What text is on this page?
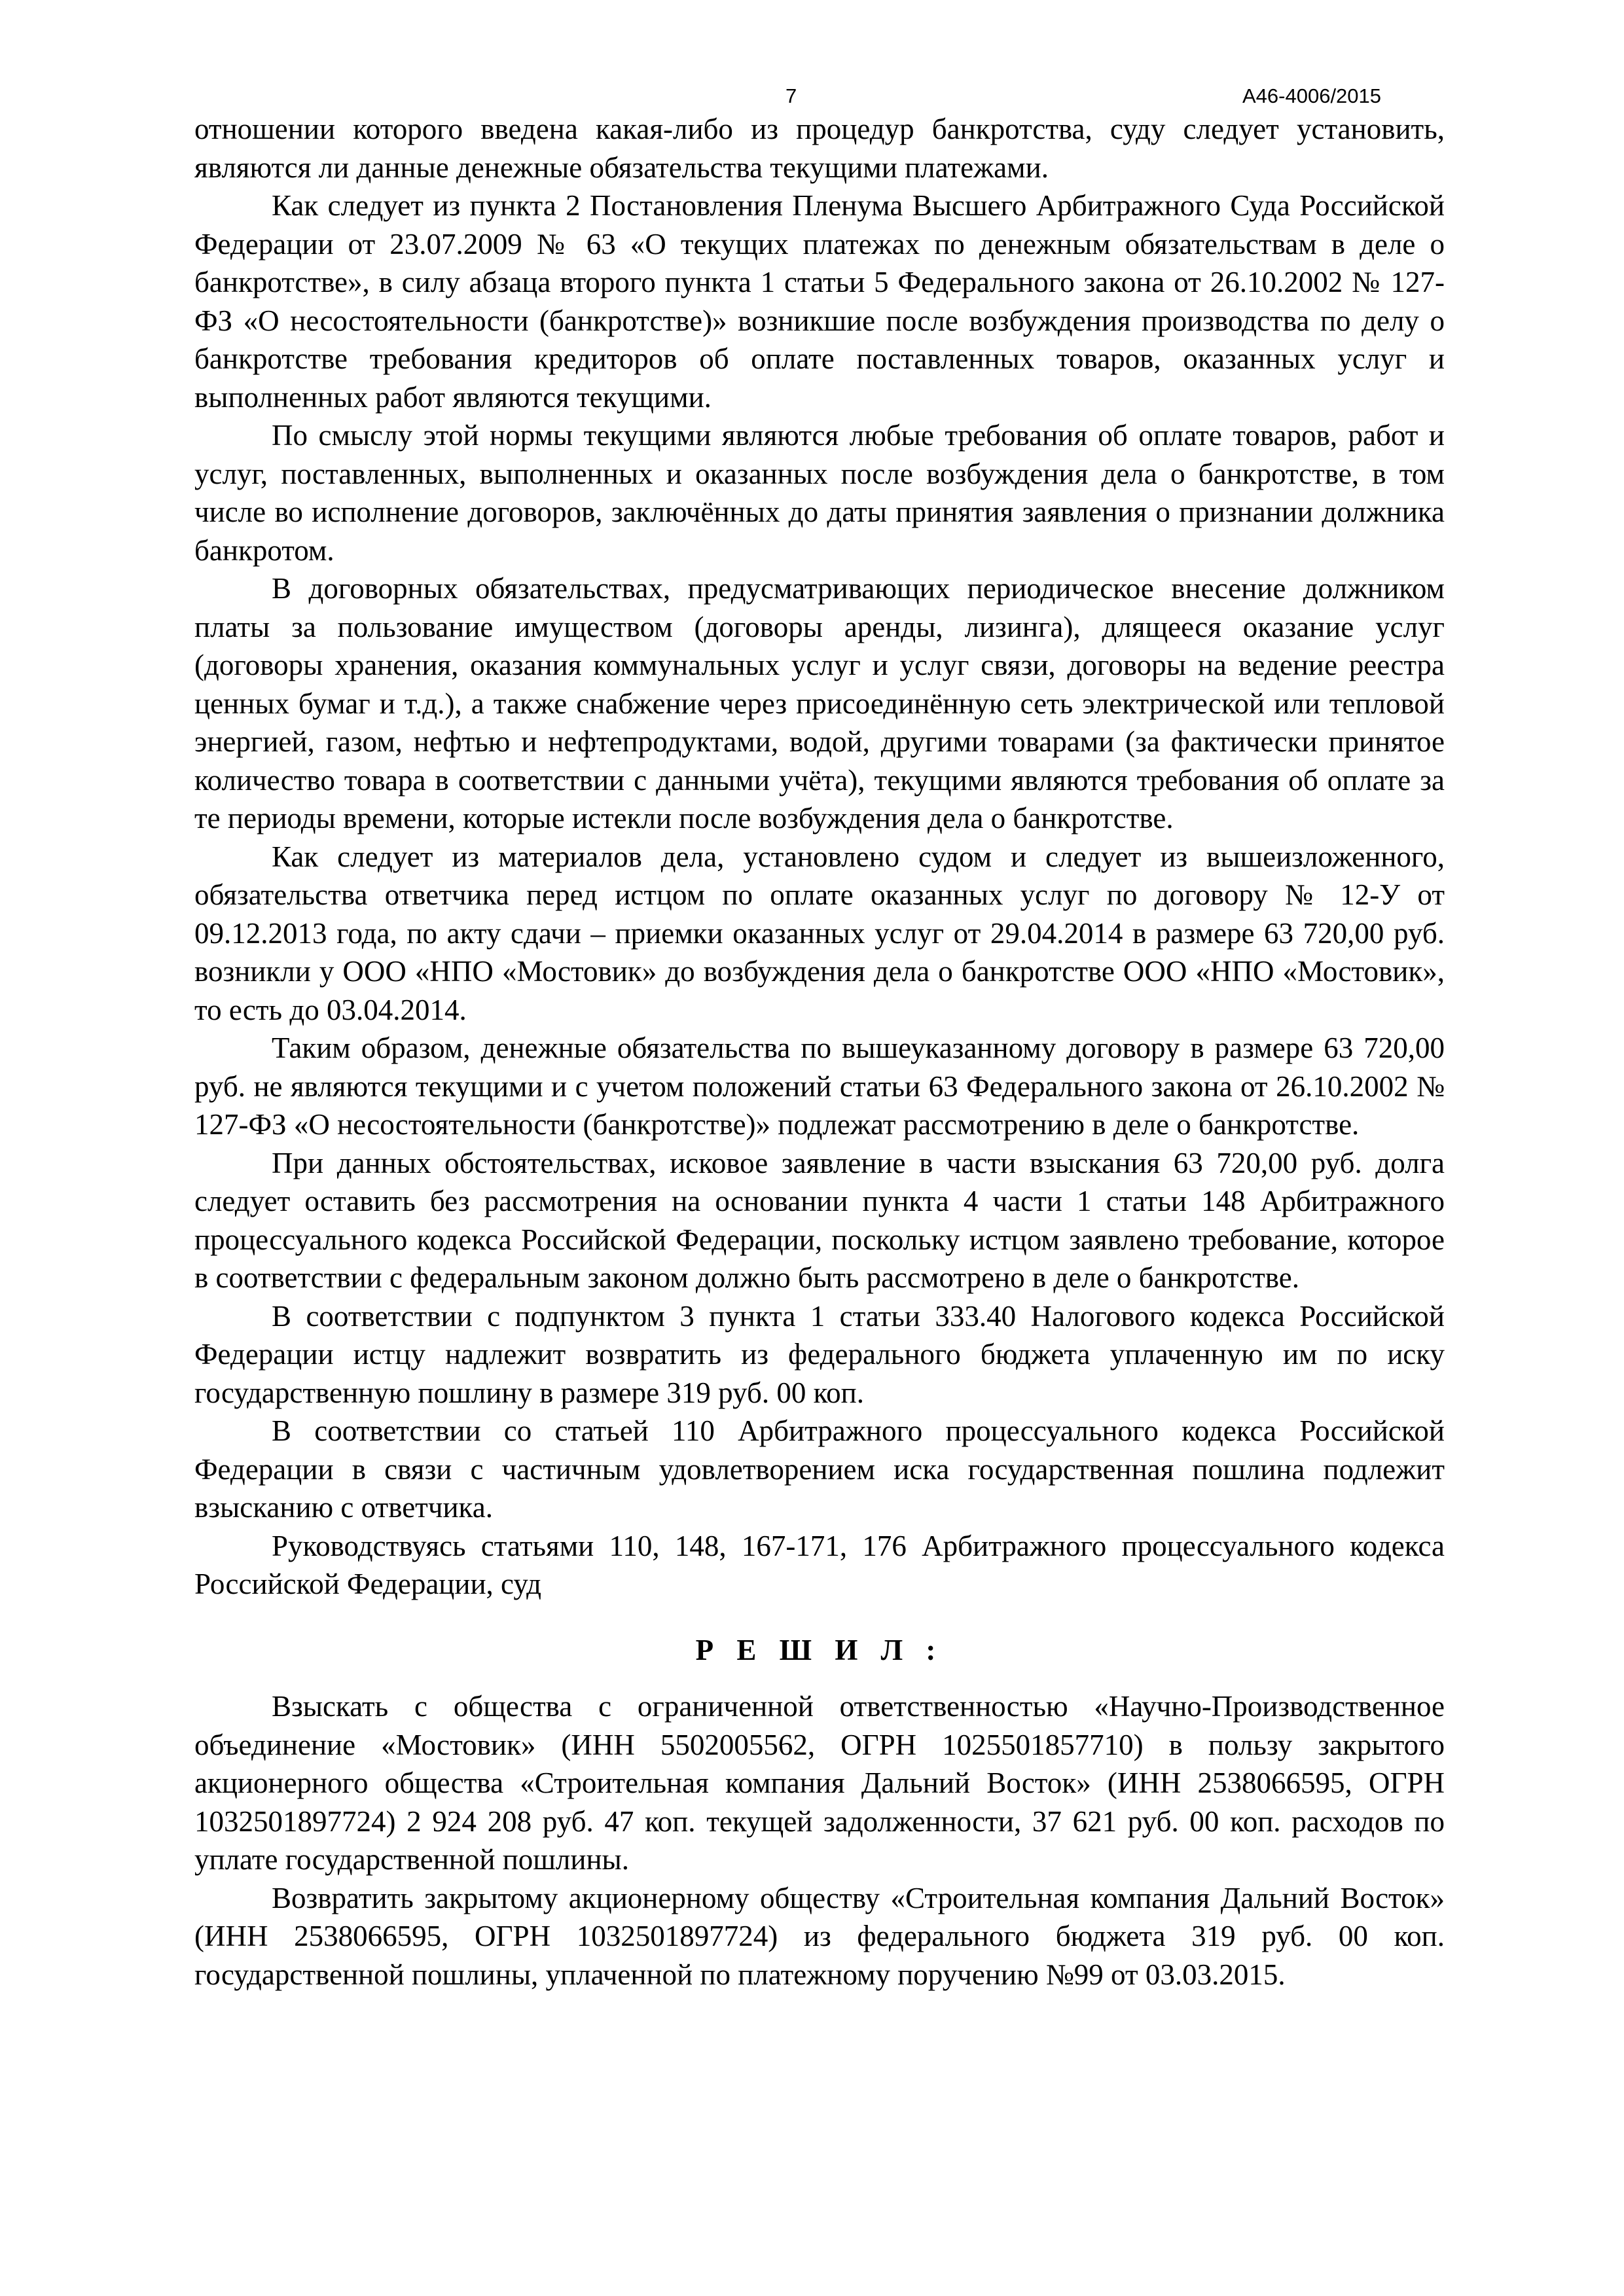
7	А46-4006/2015

отношении которого введена какая-либо из процедур банкротства, суду следует установить, являются ли данные денежные обязательства текущими платежами.

Как следует из пункта 2 Постановления Пленума Высшего Арбитражного Суда Российской Федерации от 23.07.2009 № 63 «О текущих платежах по денежным обязательствам в деле о банкротстве», в силу абзаца второго пункта 1 статьи 5 Федерального закона от 26.10.2002 № 127-ФЗ «О несостоятельности (банкротстве)» возникшие после возбуждения производства по делу о банкротстве требования кредиторов об оплате поставленных товаров, оказанных услуг и выполненных работ являются текущими.

По смыслу этой нормы текущими являются любые требования об оплате товаров, работ и услуг, поставленных, выполненных и оказанных после возбуждения дела о банкротстве, в том числе во исполнение договоров, заключённых до даты принятия заявления о признании должника банкротом.

В договорных обязательствах, предусматривающих периодическое внесение должником платы за пользование имуществом (договоры аренды, лизинга), длящееся оказание услуг (договоры хранения, оказания коммунальных услуг и услуг связи, договоры на ведение реестра ценных бумаг и т.д.), а также снабжение через присоединённую сеть электрической или тепловой энергией, газом, нефтью и нефтепродуктами, водой, другими товарами (за фактически принятое количество товара в соответствии с данными учёта), текущими являются требования об оплате за те периоды времени, которые истекли после возбуждения дела о банкротстве.

Как следует из материалов дела, установлено судом и следует из вышеизложенного, обязательства ответчика перед истцом по оплате оказанных услуг по договору № 12-У от 09.12.2013 года, по акту сдачи – приемки оказанных услуг от 29.04.2014 в размере 63 720,00 руб. возникли у ООО «НПО «Мостовик» до возбуждения дела о банкротстве ООО «НПО «Мостовик», то есть до 03.04.2014.

Таким образом, денежные обязательства по вышеуказанному договору в размере 63 720,00 руб. не являются текущими и с учетом положений статьи 63 Федерального закона от 26.10.2002 № 127-ФЗ «О несостоятельности (банкротстве)» подлежат рассмотрению в деле о банкротстве.

При данных обстоятельствах, исковое заявление в части взыскания 63 720,00 руб. долга следует оставить без рассмотрения на основании пункта 4 части 1 статьи 148 Арбитражного процессуального кодекса Российской Федерации, поскольку истцом заявлено требование, которое в соответствии с федеральным законом должно быть рассмотрено в деле о банкротстве.

В соответствии с подпунктом 3 пункта 1 статьи 333.40 Налогового кодекса Российской Федерации истцу надлежит возвратить из федерального бюджета уплаченную им по иску государственную пошлину в размере 319 руб. 00 коп.

В соответствии со статьей 110 Арбитражного процессуального кодекса Российской Федерации в связи с частичным удовлетворением иска государственная пошлина подлежит взысканию с ответчика.

Руководствуясь статьями 110, 148, 167-171, 176 Арбитражного процессуального кодекса Российской Федерации, суд

Р Е Ш И Л :

Взыскать с общества с ограниченной ответственностью «Научно-Производственное объединение «Мостовик» (ИНН 5502005562, ОГРН 1025501857710) в пользу закрытого акционерного общества «Строительная компания Дальний Восток» (ИНН 2538066595, ОГРН 1032501897724) 2 924 208 руб. 47 коп. текущей задолженности, 37 621 руб. 00 коп. расходов по уплате государственной пошлины.

Возвратить закрытому акционерному обществу «Строительная компания Дальний Восток» (ИНН 2538066595, ОГРН 1032501897724) из федерального бюджета 319 руб. 00 коп. государственной пошлины, уплаченной по платежному поручению №99 от 03.03.2015.
